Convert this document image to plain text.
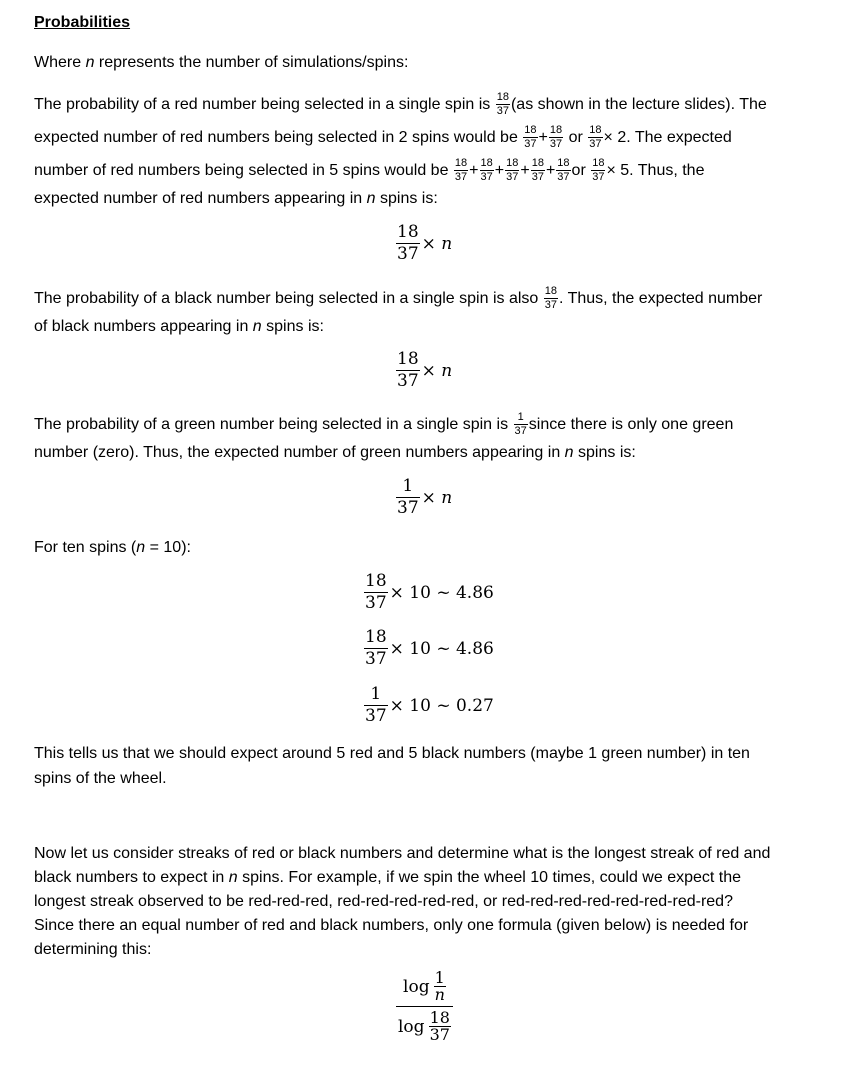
Probabilities

Where n represents the number of simulations/spins:

The probability of a red number being selected in a single spin is $\frac{18}{37} (as$ shown in the lecture slides). The

expected number of red numbers being selected in 2 spins would be $\frac{18}{37} + \frac{18}{37}$ or $\frac{18}{37} \times 2$. The expected

number of red numbers being selected in 5 spins would be $\frac{18}{37} + \frac{18}{37} + \frac{18}{37} + \frac{18}{37} + \frac{18}{37}$ or $\frac{18}{37} \times 5$. Thus, the

expected number of red numbers appearing in n spins is:

$\frac{18}{37} \times n$

The probability of a black number being selected in a single spin is also $\frac{18}{37}$ . Thus, the expected number

of black numbers appearing in n spins is:

$\frac{18}{37} \times n$

The probability of a green number being selected in a single spin is $\frac{1}{37}$ since there is only one green

number (zero). Thus, the expected number of green numbers appearing in n spins is:

$\frac{1}{37} \times n$

For ten spins (n = 10):

$\frac{18}{37} \times 10$ ~ 4.86
$\frac{18}{37} \times 10$ ~ 4.86
$\frac{1}{37} \times 10$ ~ 0.27

This tells us that we should expect around 5 red and 5 black numbers (maybe 1 green number) in ten

spins of the wheel.

Now let us consider streaks of red or black numbers and determine what is the longest streak of red and

black numbers to expect in n spins. For example, if we spin the wheel 10 times, could we expect the

longest streak observed to be red-red-red, red-red-red-red-red, or red-red-red-red-red-red-red-red?

Since there an equal number of red and black numbers, only one formula (given below) is needed for

determining this:

$\frac{\log \frac{1}{n}}{\log \frac{18}{37}}$
